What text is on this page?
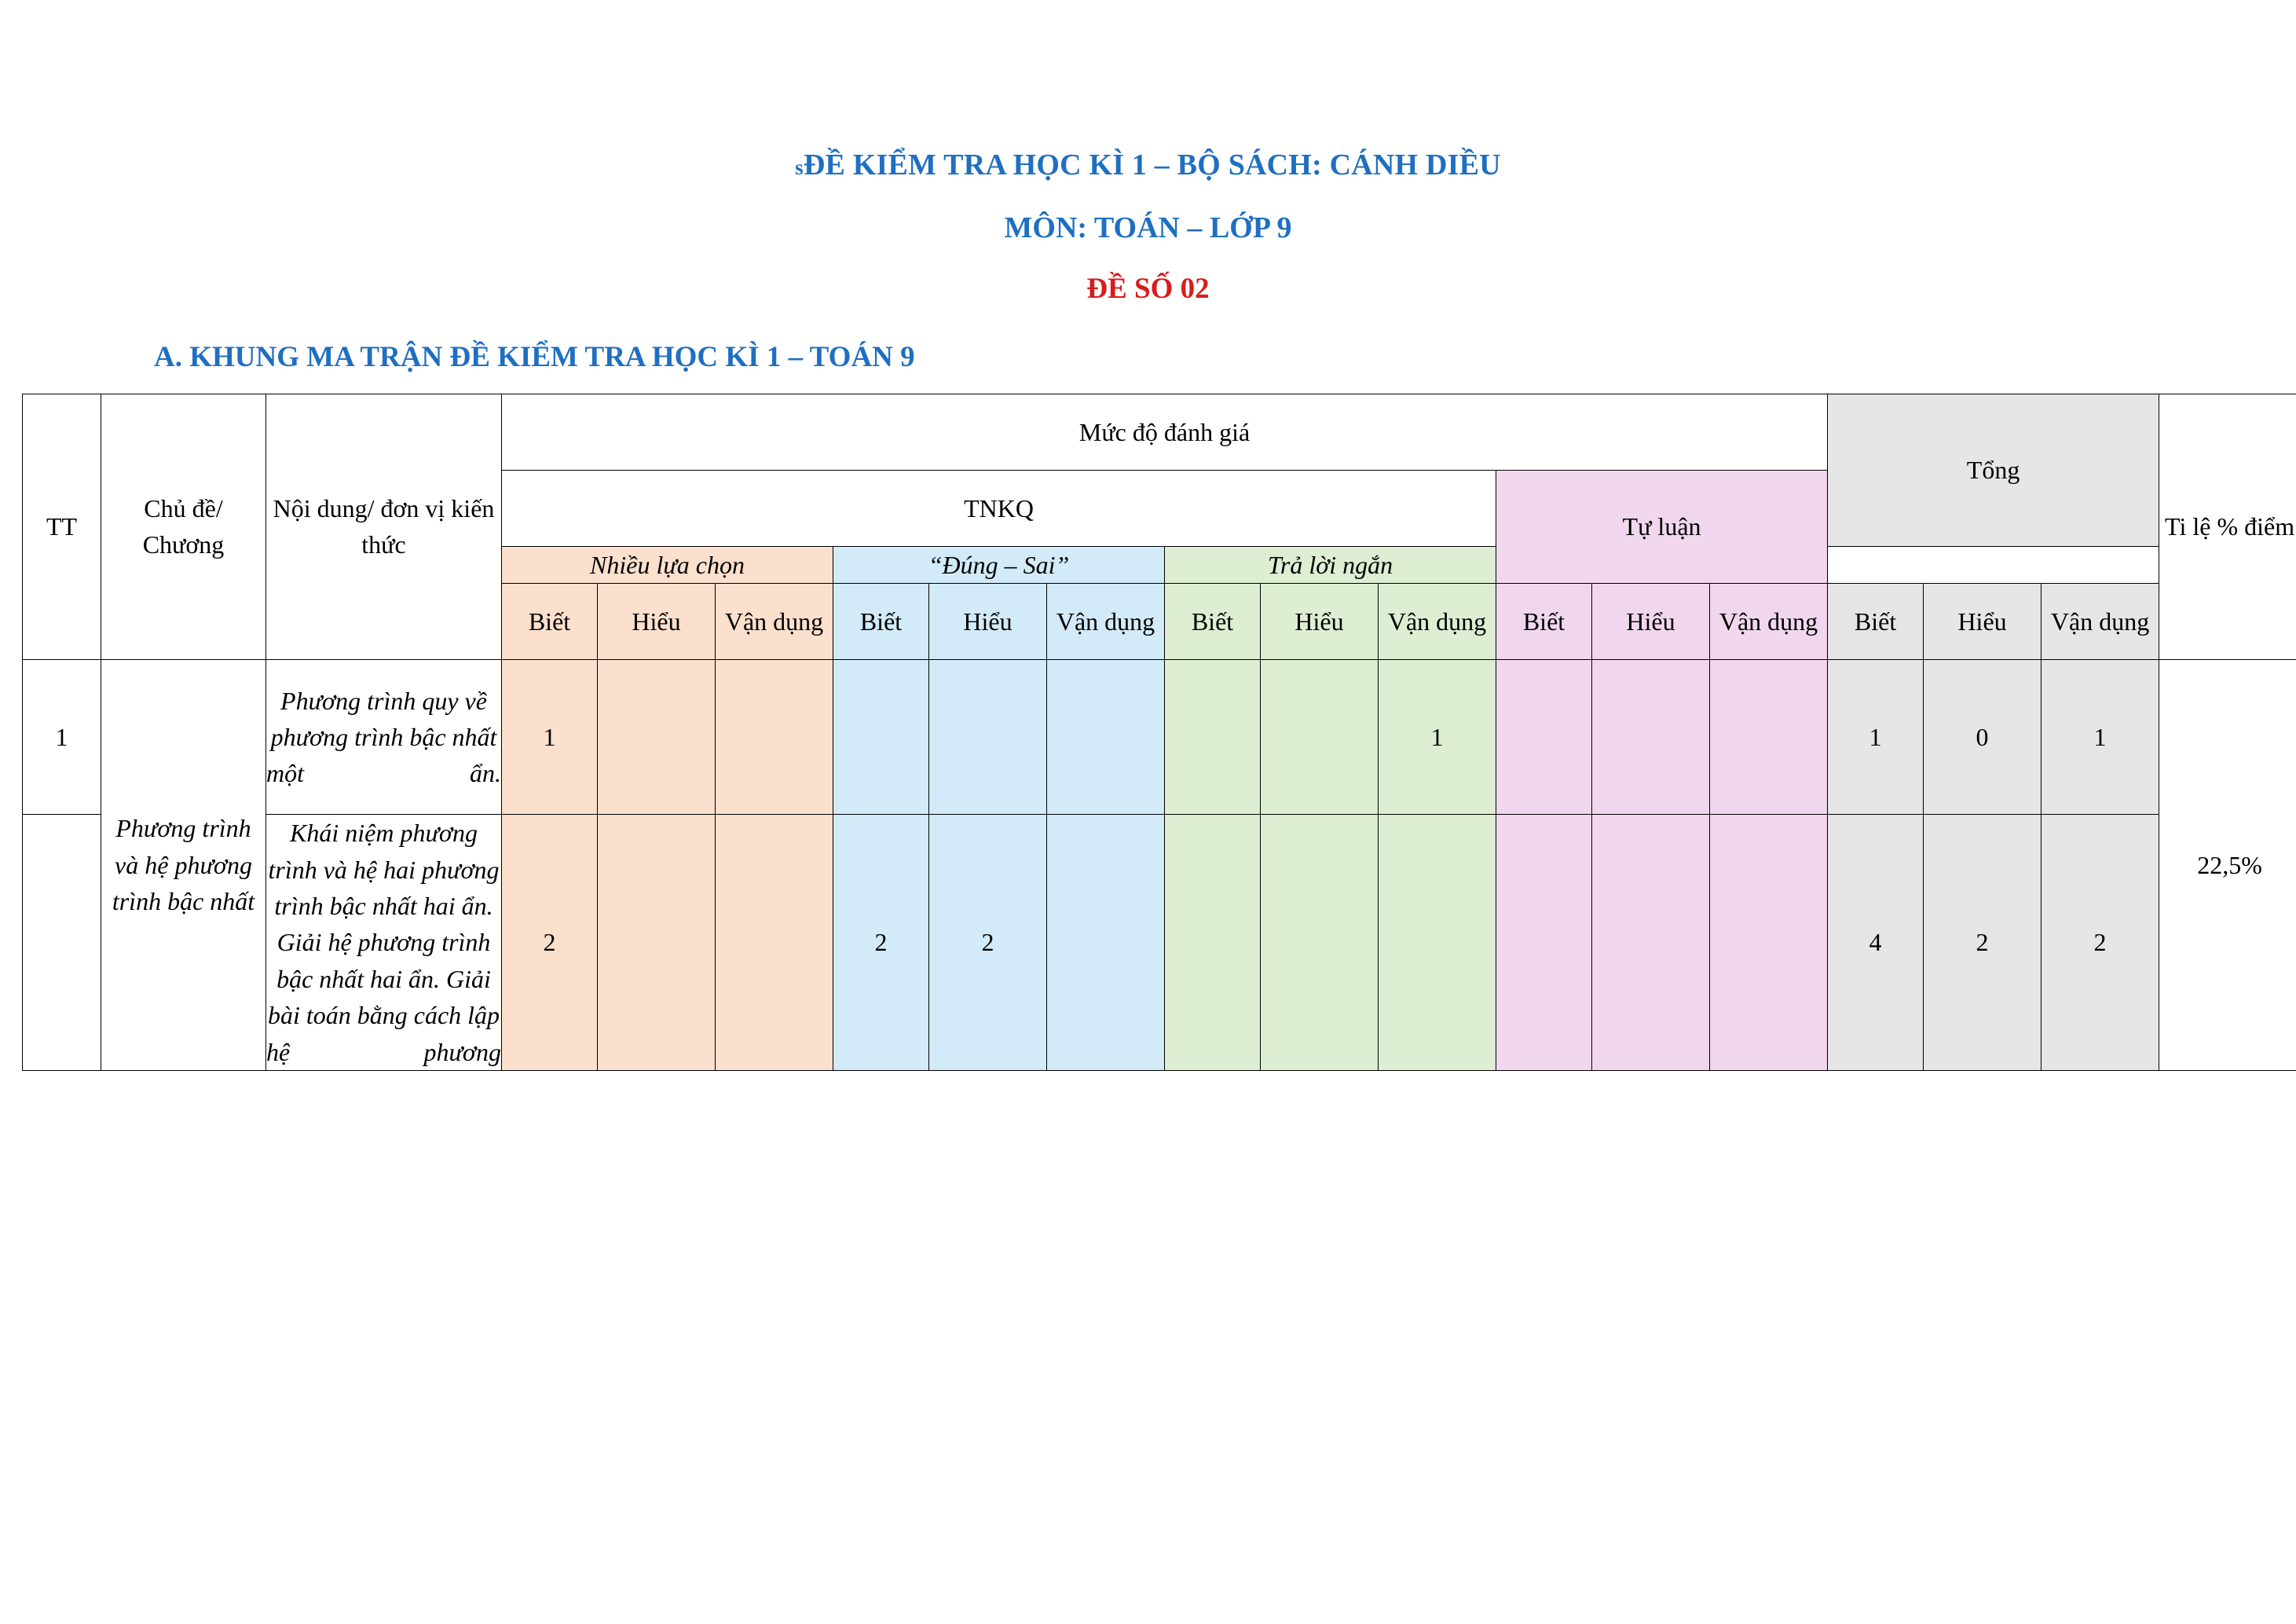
sĐỀ KIỂM TRA HỌC KÌ 1 – BỘ SÁCH: CÁNH DIỀU
MÔN: TOÁN – LỚP 9
ĐỀ SỐ 02
A. KHUNG MA TRẬN ĐỀ KIỂM TRA HỌC KÌ 1 – TOÁN 9
TT	Chủ đề/ Chương	Nội dung/ đơn vị kiến thức	Mức độ đánh giá												Tổng			Ti lệ % điểm
			TNKQ									Tự luận						
			Nhiều lựa chọn			“Đúng – Sai”			Trả lời ngắn									
			Biết	Hiểu	Vận dụng	Biết	Hiểu	Vận dụng	Biết	Hiểu	Vận dụng	Biết	Hiểu	Vận dụng	Biết	Hiểu	Vận dụng	
1	Phương trình và hệ phương trình bậc nhất	Phương trình quy về phương trình bậc nhất một ẩn.	1								1				1	0	1	22,5%
		Khái niệm phương trình và hệ hai phương trình bậc nhất hai ẩn. Giải hệ phương trình bậc nhất hai ẩn. Giải bài toán bằng cách lập hệ phương	2			2	2								4	2	2	
